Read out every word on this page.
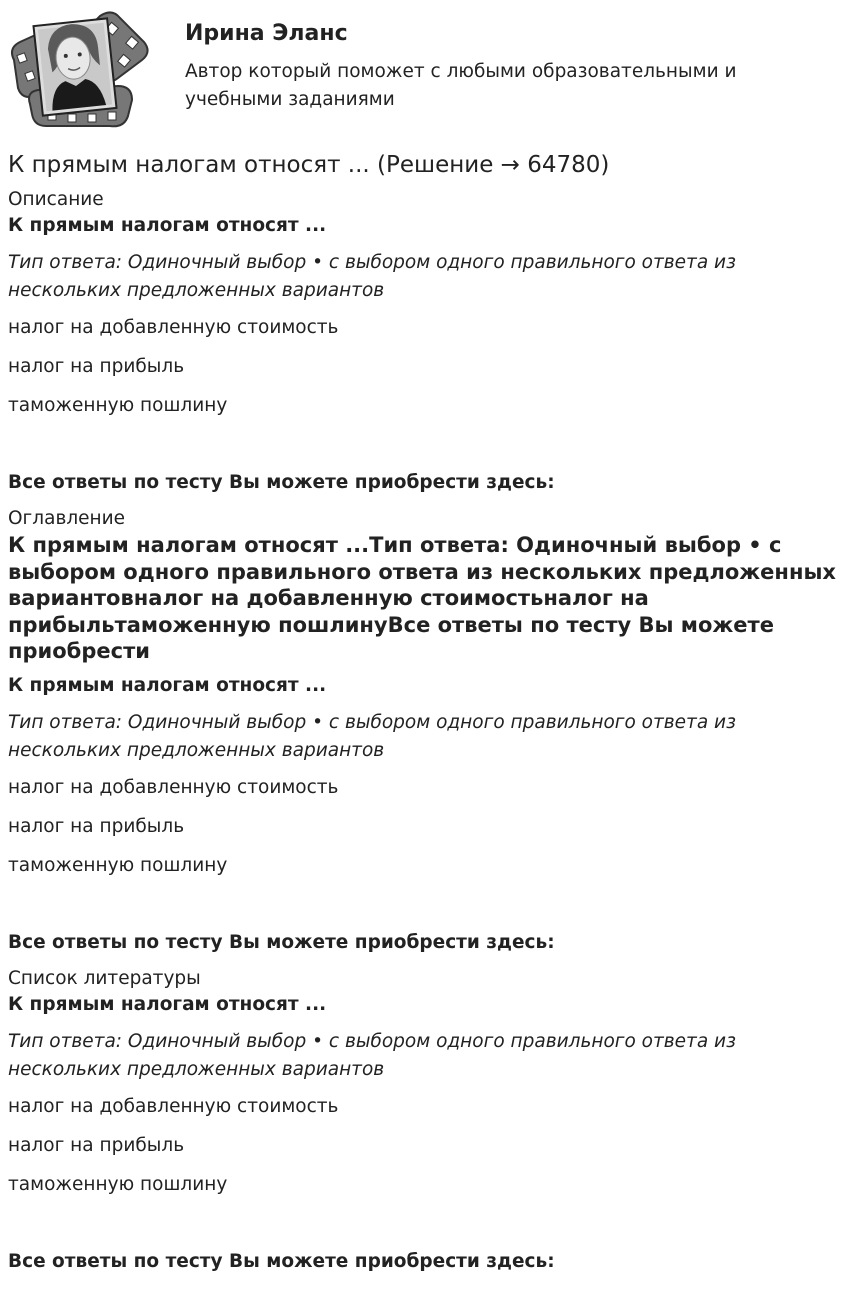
Ирина Эланс

Автор который поможет с любыми образовательными и учебными заданиями

К прямым налогам относят ... (Решение → 64780)

Описание

К прямым налогам относят ...

Тип ответа: Одиночный выбор • с выбором одного правильного ответа из нескольких предложенных вариантов

налог на добавленную стоимость

налог на прибыль

таможенную пошлину

Все ответы по тесту Вы можете приобрести здесь:

Оглавление

К прямым налогам относят ...Тип ответа: Одиночный выбор • с выбором одного правильного ответа из нескольких предложенных вариантовналог на добавленную стоимостьналог на прибыльтаможенную пошлинуВсе ответы по тесту Вы можете приобрести

К прямым налогам относят ...

Тип ответа: Одиночный выбор • с выбором одного правильного ответа из нескольких предложенных вариантов

налог на добавленную стоимость

налог на прибыль

таможенную пошлину

Все ответы по тесту Вы можете приобрести здесь:

Список литературы

К прямым налогам относят ...

Тип ответа: Одиночный выбор • с выбором одного правильного ответа из нескольких предложенных вариантов

налог на добавленную стоимость

налог на прибыль

таможенную пошлину

Все ответы по тесту Вы можете приобрести здесь:
